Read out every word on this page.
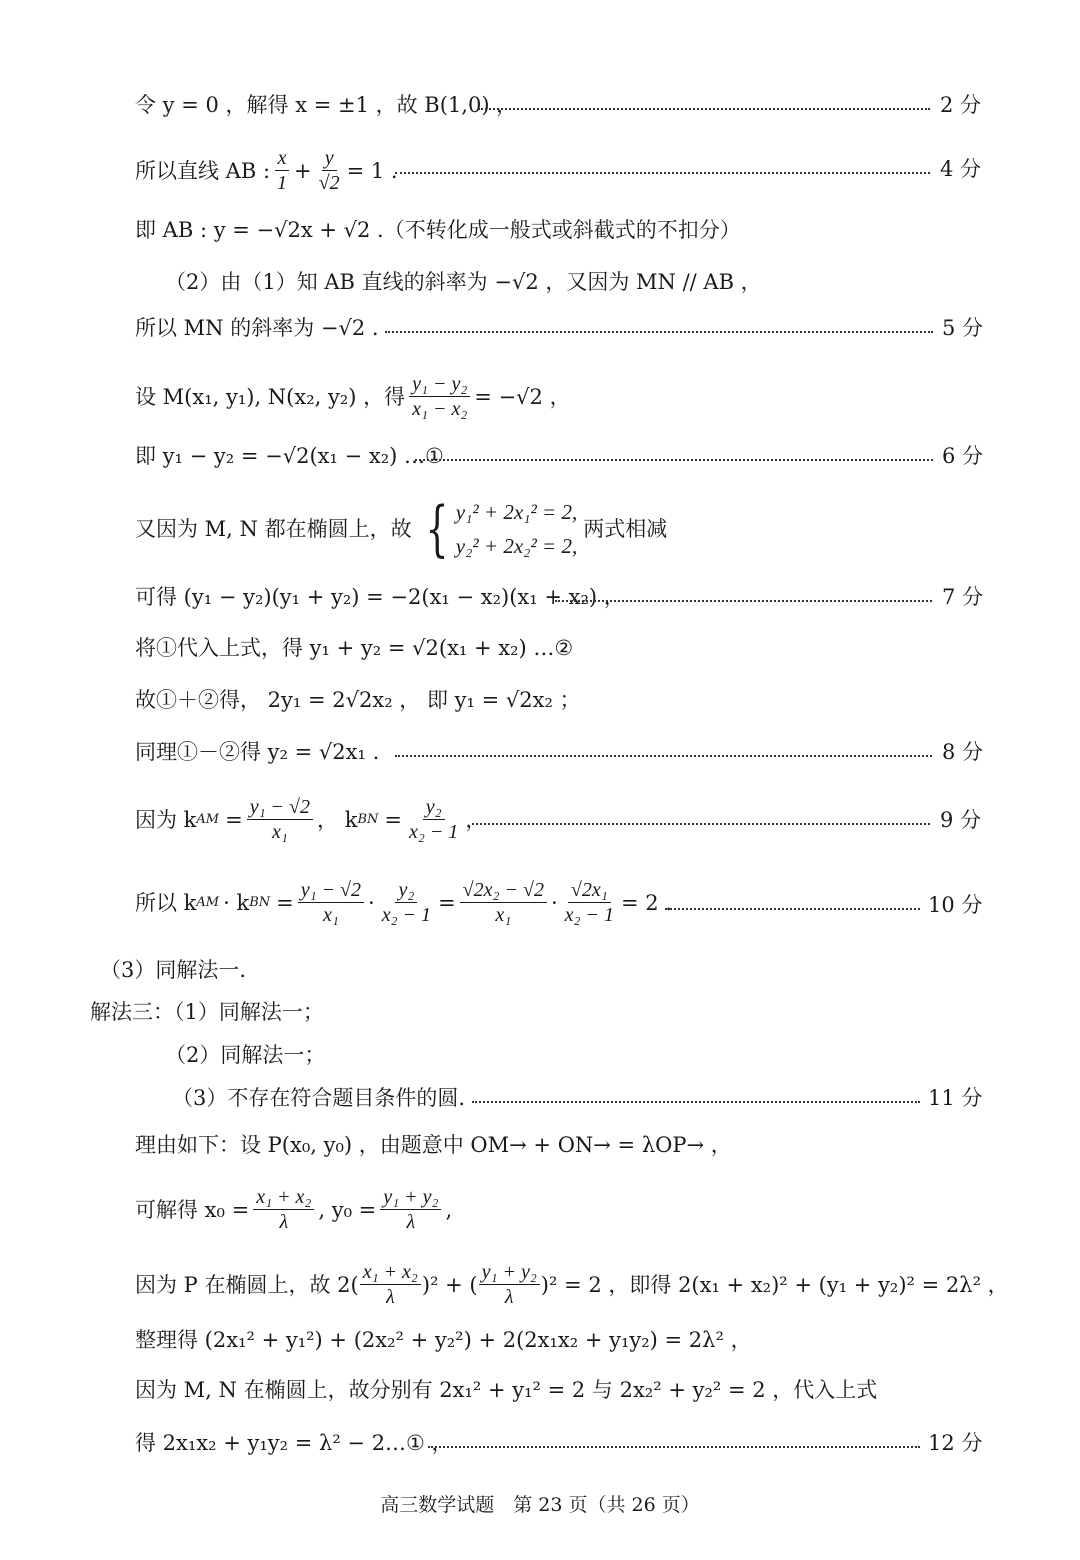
令 y = 0 ，解得 x = ±1 ，故 B(1,0) ，	2 分
所以直线 AB : $\frac{x}{1} + \frac{y}{√2} = 1$ .	4 分
即 AB : y = −√2x + √2 .（不转化成一般式或斜截式的不扣分）
（2）由（1）知 AB 直线的斜率为 −√2 ，又因为 MN // AB ，
所以 MN 的斜率为 −√2 .	5 分
设 M(x₁, y₁), N(x₂, y₂) ，得 $\frac{\text{y₁ − y₂}}{\text{x₁ − x₂}} = -√2$ ，
即 y₁ − y₂ = −√2(x₁ − x₂) …①	6 分
又因为 M, N 都在椭圆上，故 { y₁² + 2x₁² = 2,
y₂² + 2x₂² = 2,
两式相减
可得 (y₁ − y₂)(y₁ + y₂) = −2(x₁ − x₂)(x₁ + x₂) ，	7 分
将①代入上式，得 y₁ + y₂ = √2(x₁ + x₂) …②
故①＋②得， 2y₁ = 2√2x₂ ， 即 y₁ = √2x₂ ；
同理①－②得 y₂ = √2x₁ .	8 分
因为 k AM = $\frac{\text{y₁ − √2}}{\text{x₁}}$ ， k BN = $\frac{\text{y₂}}{\text{x₂ − 1}}$ ，	9 分
所以 k AM · k BN = $\frac{\text{y₁ − √2}}{\text{x₁}} \cdot \frac{\text{y₂}}{\text{x₂ − 1}} = \frac{\text{√2x₂ − √2}}{\text{x₁}} \cdot \frac{\text{√2x₁}}{\text{x₂ − 1}} = 2$ .	10 分
（3）同解法一.
解法三：（1）同解法一；
（2）同解法一；
（3）不存在符合题目条件的圆.	11 分
理由如下：设 P(x₀, y₀) ，由题意中 OM→ + ON→ = λOP→ ，
可解得 $x_0 = \frac{\text{x₁ + x₂}}{\lambda}$ , $y_0 = \frac{\text{y₁ + y₂}}{\lambda}$ ,
因为 P 在椭圆上，故 $2( \frac{\text{x₁ + x₂}}{\lambda} )^2$ + ( $\frac{\text{y₁ + y₂}}{\lambda} )^2 = 2$ ，即得 2(x₁ + x₂)² + (y₁ + y₂)² = 2λ² ，
整理得 (2x₁² + y₁²) + (2x₂² + y₂²) + 2(2x₁x₂ + y₁y₂) = 2λ² ，
因为 M, N 在椭圆上，故分别有 2x₁² + y₁² = 2 与 2x₂² + y₂² = 2 ，代入上式
得 2x₁x₂ + y₁y₂ = λ² − 2…① ，	12 分
高三数学试题　第 23 页（共 26 页）
